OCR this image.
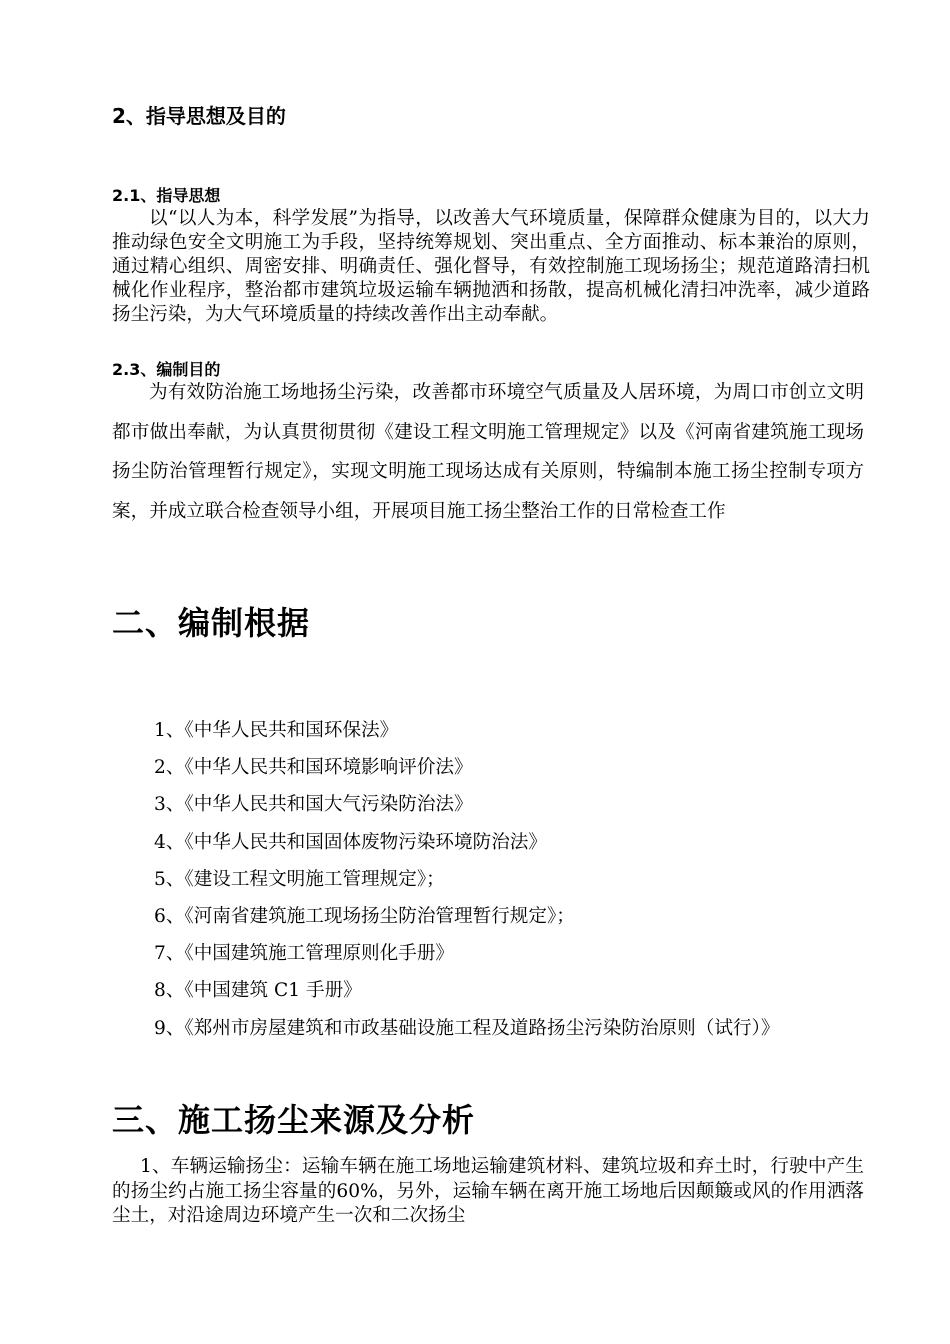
2、指导思想及目的
2.1、指导思想

以“以人为本，科学发展”为指导，以改善大气环境质量，保障群众健康为目的，以大力推动绿色安全文明施工为手段，坚持统筹规划、突出重点、全方面推动、标本兼治的原则，通过精心组织、周密安排、明确责任、强化督导，有效控制施工现场扬尘；规范道路清扫机械化作业程序，整治都市建筑垃圾运输车辆抛洒和扬散，提高机械化清扫冲洗率，减少道路扬尘污染，为大气环境质量的持续改善作出主动奉献。

2.3、编制目的

为有效防治施工场地扬尘污染，改善都市环境空气质量及人居环境，为周口市创立文明都市做出奉献，为认真贯彻贯彻《建设工程文明施工管理规定》以及《河南省建筑施工现场扬尘防治管理暂行规定》，实现文明施工现场达成有关原则，特编制本施工扬尘控制专项方案，并成立联合检查领导小组，开展项目施工扬尘整治工作的日常检查工作

二、编制根据
1、《中华人民共和国环保法》
2、《中华人民共和国环境影响评价法》
3、《中华人民共和国大气污染防治法》
4、《中华人民共和国固体废物污染环境防治法》
5、《建设工程文明施工管理规定》；
6、《河南省建筑施工现场扬尘防治管理暂行规定》；
7、《中国建筑施工管理原则化手册》
8、《中国建筑 C1 手册》
9、《郑州市房屋建筑和市政基础设施工程及道路扬尘污染防治原则（试行）》
三、施工扬尘来源及分析

1、车辆运输扬尘：运输车辆在施工场地运输建筑材料、建筑垃圾和弃土时，行驶中产生的扬尘约占施工扬尘容量的60%，另外，运输车辆在离开施工场地后因颠簸或风的作用洒落尘土，对沿途周边环境产生一次和二次扬尘
